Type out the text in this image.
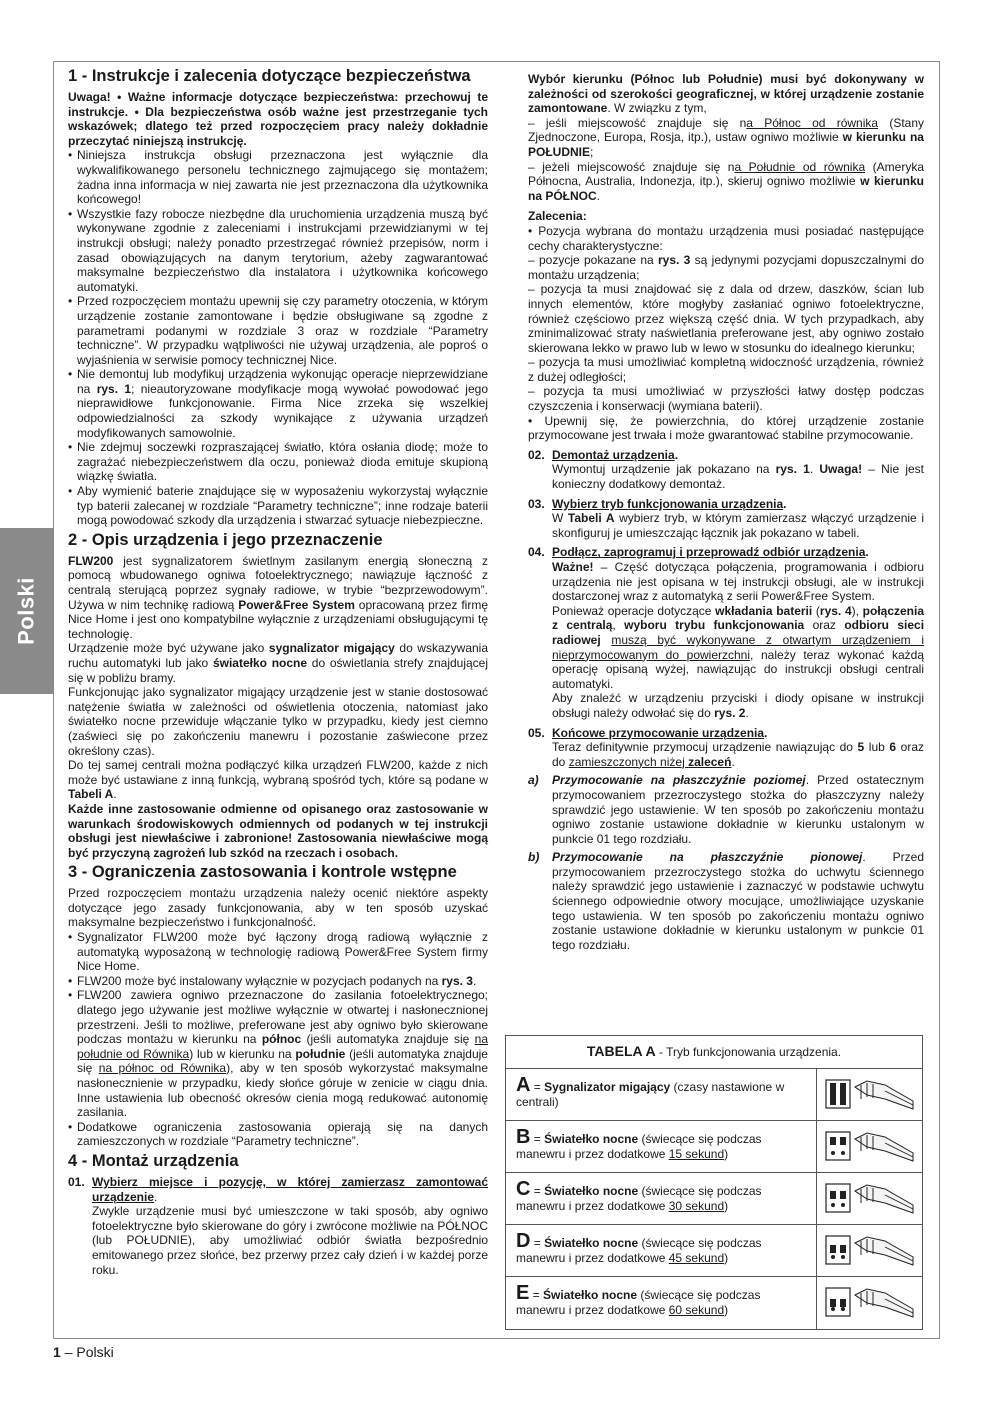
Polski
1 - Instrukcje i zalecenia dotyczące bezpieczeństwa

Uwaga! • Ważne informacje dotyczące bezpieczeństwa: przechowuj te instrukcje. • Dla bezpieczeństwa osób ważne jest przestrzeganie tych wskazówek; dlatego też przed rozpoczęciem pracy należy dokładnie przeczytać niniejszą instrukcję.

• Niniejsza instrukcja obsługi przeznaczona jest wyłącznie dla wykwalifikowanego personelu technicznego zajmującego się montażem; żadna inna informacja w niej zawarta nie jest przeznaczona dla użytkownika końcowego!
• Wszystkie fazy robocze niezbędne dla uruchomienia urządzenia muszą być wykonywane zgodnie z zaleceniami i instrukcjami przewidzianymi w tej instrukcji obsługi; należy ponadto przestrzegać również przepisów, norm i zasad obowiązujących na danym terytorium, ażeby zagwarantować maksymalne bezpieczeństwo dla instalatora i użytkownika końcowego automatyki.
• Przed rozpoczęciem montażu upewnij się czy parametry otoczenia, w którym urządzenie zostanie zamontowane i będzie obsługiwane są zgodne z parametrami podanymi w rozdziale 3 oraz w rozdziale “Parametry techniczne”. W przypadku wątpliwości nie używaj urządzenia, ale poproś o wyjaśnienia w serwisie pomocy technicznej Nice.
• Nie demontuj lub modyfikuj urządzenia wykonując operacje nieprzewidziane na rys. 1; nieautoryzowane modyfikacje mogą wywołać powodować jego nieprawidłowe funkcjonowanie. Firma Nice zrzeka się wszelkiej odpowiedzialności za szkody wynikające z używania urządzeń modyfikowanych samowolnie.
• Nie zdejmuj soczewki rozpraszającej światło, która osłania diodę; może to zagrażać niebezpieczeństwem dla oczu, ponieważ dioda emituje skupioną wiązkę światła.
• Aby wymienić baterie znajdujące się w wyposażeniu wykorzystaj wyłącznie typ baterii zalecanej w rozdziale “Parametry techniczne”; inne rodzaje baterii mogą powodować szkody dla urządzenia i stwarzać sytuacje niebezpieczne.
2 - Opis urządzenia i jego przeznaczenie

FLW200 jest sygnalizatorem świetlnym zasilanym energią słoneczną z pomocą wbudowanego ogniwa fotoelektrycznego; nawiązuje łączność z centralą sterującą poprzez sygnały radiowe, w trybie “bezprzewodowym”. Używa w nim technikę radiową Power&Free System opracowaną przez firmę Nice Home i jest ono kompatybilne wyłącznie z urządzeniami obsługującymi tę technologię.

Urządzenie może być używane jako sygnalizator migający do wskazywania ruchu automatyki lub jako światełko nocne do oświetlania strefy znajdującej się w pobliżu bramy.

Funkcjonując jako sygnalizator migający urządzenie jest w stanie dostosować natężenie światła w zależności od oświetlenia otoczenia, natomiast jako światełko nocne przewiduje włączanie tylko w przypadku, kiedy jest ciemno (zaświeci się po zakończeniu manewru i pozostanie zaświecone przez określony czas).

Do tej samej centrali można podłączyć kilka urządzeń FLW200, każde z nich może być ustawiane z inną funkcją, wybraną spośród tych, które są podane w Tabeli A.

Każde inne zastosowanie odmienne od opisanego oraz zastosowanie w warunkach środowiskowych odmiennych od podanych w tej instrukcji obsługi jest niewłaściwe i zabronione! Zastosowania niewłaściwe mogą być przyczyną zagrożeń lub szkód na rzeczach i osobach.

3 - Ograniczenia zastosowania i kontrole wstępne

Przed rozpoczęciem montażu urządzenia należy ocenić niektóre aspekty dotyczące jego zasady funkcjonowania, aby w ten sposób uzyskać maksymalne bezpieczeństwo i funkcjonalność.

• Sygnalizator FLW200 może być łączony drogą radiową wyłącznie z automatyką wyposażoną w technologię radiową Power&Free System firmy Nice Home.
• FLW200 może być instalowany wyłącznie w pozycjach podanych na rys. 3.
• FLW200 zawiera ogniwo przeznaczone do zasilania fotoelektrycznego; dlatego jego używanie jest możliwe wyłącznie w otwartej i nasłonecznionej przestrzeni. Jeśli to możliwe, preferowane jest aby ogniwo było skierowane podczas montażu w kierunku na północ (jeśli automatyka znajduje się na południe od Równika) lub w kierunku na południe (jeśli automatyka znajduje się na północ od Równika), aby w ten sposób wykorzystać maksymalne nasłonecznienie w przypadku, kiedy słońce góruje w zenicie w ciągu dnia. Inne ustawienia lub obecność okresów cienia mogą redukować autonomię zasilania.
• Dodatkowe ograniczenia zastosowania opierają się na danych zamieszczonych w rozdziale “Parametry techniczne”.
4 - Montaż urządzenia
01. Wybierz miejsce i pozycję, w której zamierzasz zamontować urządzenie.

Zwykle urządzenie musi być umieszczone w taki sposób, aby ogniwo fotoelektryczne było skierowane do góry i zwrócone możliwie na PÓŁNOC (lub POŁUDNIE), aby umożliwiać odbiór światła bezpośrednio emitowanego przez słońce, bez przerwy przez cały dzień i w każdej porze roku.

Wybór kierunku (Północ lub Południe) musi być dokonywany w zależności od szerokości geograficznej, w której urządzenie zostanie zamontowane. W związku z tym,

– jeśli miejscowość znajduje się na Północ od równika (Stany Zjednoczone, Europa, Rosja, itp.), ustaw ogniwo możliwie w kierunku na POŁUDNIE;

– jeżeli miejscowość znajduje się na Południe od równika (Ameryka Północna, Australia, Indonezja, itp.), skieruj ogniwo możliwie w kierunku na PÓŁNOC.

Zalecenia:

• Pozycja wybrana do montażu urządzenia musi posiadać następujące cechy charakterystyczne:

– pozycje pokazane na rys. 3 są jedynymi pozycjami dopuszczalnymi do montażu urządzenia;

– pozycja ta musi znajdować się z dala od drzew, daszków, ścian lub innych elementów, które mogłyby zasłaniać ogniwo fotoelektryczne, również częściowo przez większą część dnia. W tych przypadkach, aby zminimalizować straty naświetlania preferowane jest, aby ogniwo zostało skierowana lekko w prawo lub w lewo w stosunku do idealnego kierunku;

– pozycja ta musi umożliwiać kompletną widoczność urządzenia, również z dużej odległości;

– pozycja ta musi umożliwiać w przyszłości łatwy dostęp podczas czyszczenia i konserwacji (wymiana baterii).

• Upewnij się, że powierzchnia, do której urządzenie zostanie przymocowane jest trwała i może gwarantować stabilne przymocowanie.

02. Demontaż urządzenia.

Wymontuj urządzenie jak pokazano na rys. 1. Uwaga! – Nie jest konieczny dodatkowy demontaż.

03. Wybierz tryb funkcjonowania urządzenia.

W Tabeli A wybierz tryb, w którym zamierzasz włączyć urządzenie i skonfiguruj je umieszczając łącznik jak pokazano w tabeli.

04. Podłącz, zaprogramuj i przeprowadź odbiór urządzenia.

Ważne! – Część dotycząca połączenia, programowania i odbioru urządzenia nie jest opisana w tej instrukcji obsługi, ale w instrukcji dostarczonej wraz z automatyką z serii Power&Free System.

Ponieważ operacje dotyczące wkładania baterii (rys. 4), połączenia z centralą, wyboru trybu funkcjonowania oraz odbioru sieci radiowej muszą być wykonywane z otwartym urządzeniem i nieprzymocowanym do powierzchni, należy teraz wykonać każdą operację opisaną wyżej, nawiązując do instrukcji obsługi centrali automatyki.

Aby znaleźć w urządzeniu przyciski i diody opisane w instrukcji obsługi należy odwołać się do rys. 2.

05. Końcowe przymocowanie urządzenia.

Teraz definitywnie przymocuj urządzenie nawiązując do 5 lub 6 oraz do zamieszczonych niżej zaleceń.

a)	Przymocowanie na płaszczyźnie poziomej. Przed ostatecznym przymocowaniem przezroczystego stożka do płaszczyzny należy sprawdzić jego ustawienie. W ten sposób po zakończeniu montażu ogniwo zostanie ustawione dokładnie w kierunku ustalonym w punkcie 01 tego rozdziału.

b)	Przymocowanie na płaszczyźnie pionowej. Przed przymocowaniem przezroczystego stożka do uchwytu ściennego należy sprawdzić jego ustawienie i zaznaczyć w podstawie uchwytu ściennego odpowiednie otwory mocujące, umożliwiające uzyskanie tego ustawienia. W ten sposób po zakończeniu montażu ogniwo zostanie ustawione dokładnie w kierunku ustalonym w punkcie 01 tego rozdziału.

TABELA A - Tryb funkcjonowania urządzenia.
A = Sygnalizator migający (czasy nastawione w centrali)
B = Światełko nocne (świecące się podczas manewru i przez dodatkowe 15 sekund)
C = Światełko nocne (świecące się podczas manewru i przez dodatkowe 30 sekund)
D = Światełko nocne (świecące się podczas manewru i przez dodatkowe 45 sekund)
E = Światełko nocne (świecące się podczas manewru i przez dodatkowe 60 sekund)
1 – Polski
